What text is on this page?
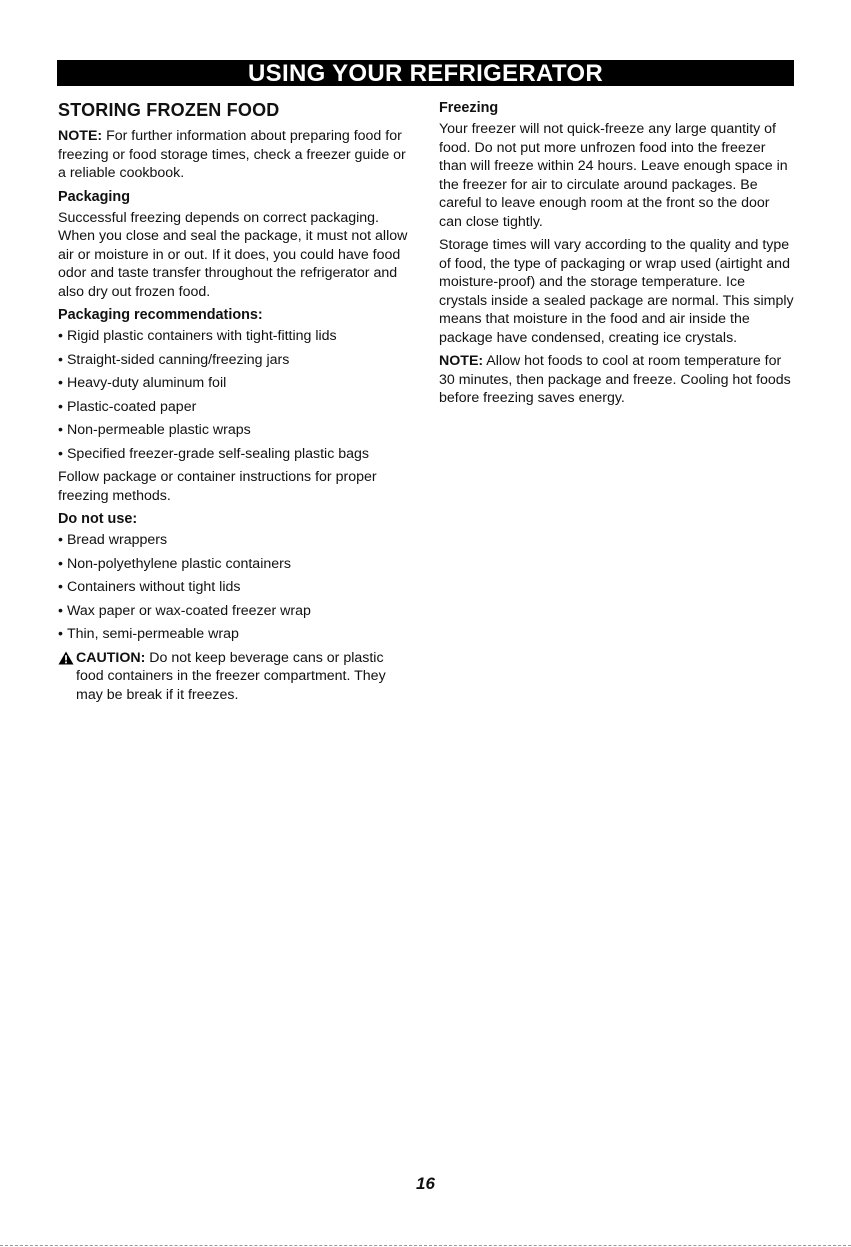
USING YOUR REFRIGERATOR
STORING FROZEN FOOD

NOTE: For further information about preparing food for freezing or food storage times, check a freezer guide or a reliable cookbook.

Packaging

Successful freezing depends on correct packaging. When you close and seal the package, it must not allow air or moisture in or out. If it does, you could have food odor and taste transfer throughout the refrigerator and also dry out frozen food.

Packaging recommendations:
• Rigid plastic containers with tight-fitting lids
• Straight-sided canning/freezing jars
• Heavy-duty aluminum foil
• Plastic-coated paper
• Non-permeable plastic wraps
• Specified freezer-grade self-sealing plastic bags

Follow package or container instructions for proper freezing methods.

Do not use:
• Bread wrappers
• Non-polyethylene plastic containers
• Containers without tight lids
• Wax paper or wax-coated freezer wrap
• Thin, semi-permeable wrap
CAUTION: Do not keep beverage cans or plastic food containers in the freezer compartment. They may be break if it freezes.
Freezing

Your freezer will not quick-freeze any large quantity of food. Do not put more unfrozen food into the freezer than will freeze within 24 hours. Leave enough space in the freezer for air to circulate around packages. Be careful to leave enough room at the front so the door can close tightly.

Storage times will vary according to the quality and type of food, the type of packaging or wrap used (airtight and moisture-proof) and the storage temperature. Ice crystals inside a sealed package are normal. This simply means that moisture in the food and air inside the package have condensed, creating ice crystals.

NOTE: Allow hot foods to cool at room temperature for 30 minutes, then package and freeze. Cooling hot foods before freezing saves energy.

16
